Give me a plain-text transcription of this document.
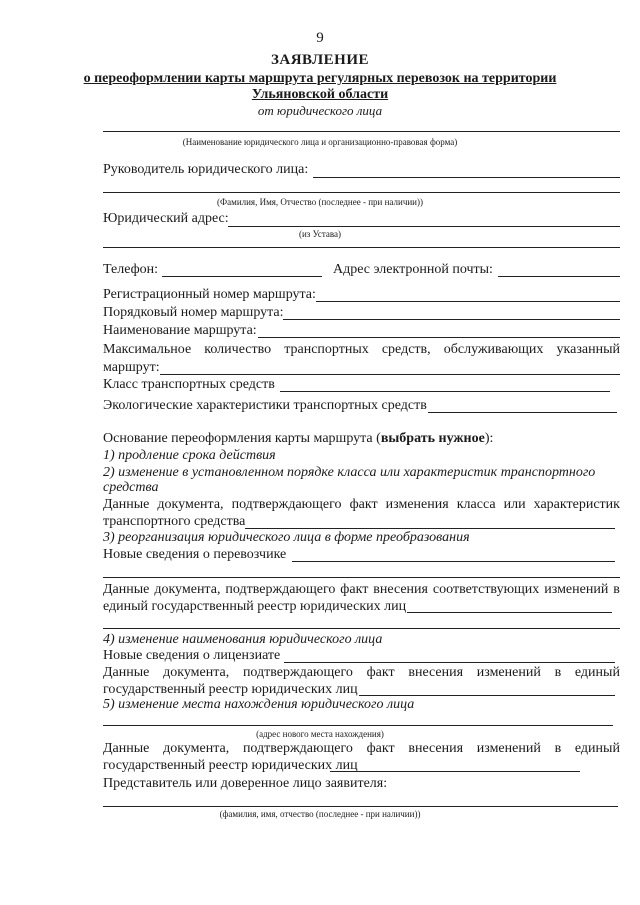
9
ЗАЯВЛЕНИЕ
о переоформлении карты маршрута регулярных перевозок на территории
Ульяновской области
от юридического лица
(Наименование юридического лица и организационно-правовая форма)
Руководитель юридического лица:
(Фамилия, Имя, Отчество (последнее - при наличии))
Юридический адрес:
(из Устава)
Телефон:	Адрес электронной почты:
Регистрационный номер маршрута:
Порядковый номер маршрута:
Наименование маршрута:
Максимальное количество транспортных средств, обслуживающих указанный
маршрут:
Класс транспортных средств
Экологические характеристики транспортных средств
Основание переоформления карты маршрута (выбрать нужное):
1) продление срока действия
2) изменение в установленном порядке класса или характеристик транспортного
средства
Данные документа, подтверждающего факт изменения класса или характеристик
транспортного средства
3) реорганизация юридического лица в форме преобразования
Новые сведения о перевозчике
Данные документа, подтверждающего факт внесения соответствующих изменений в
единый государственный реестр юридических лиц
4) изменение наименования юридического лица
Новые сведения о лицензиате
Данные документа, подтверждающего факт внесения изменений в единый
государственный реестр юридических лиц
5) изменение места нахождения юридического лица
(адрес нового места нахождения)
Данные документа, подтверждающего факт внесения изменений в единый
государственный реестр юридических лиц
Представитель или доверенное лицо заявителя:
(фамилия, имя, отчество (последнее - при наличии))
